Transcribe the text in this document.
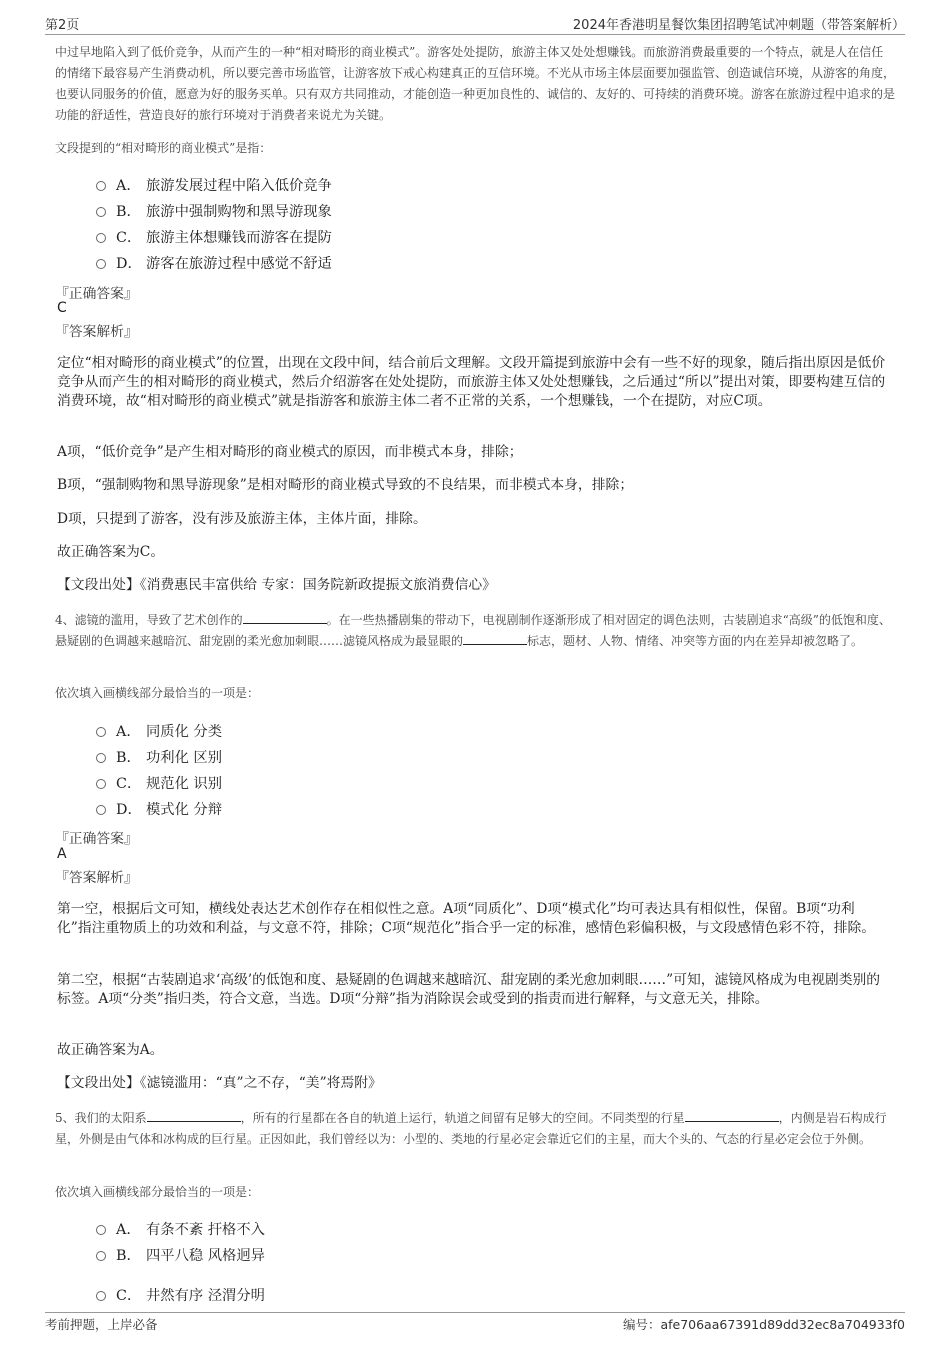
第2页	2024年香港明星餐饮集团招聘笔试冲刺题（带答案解析）
中过早地陷入到了低价竞争，从而产生的一种“相对畸形的商业模式”。游客处处提防，旅游主体又处处想赚钱。而旅游消费最重要的一个特点，就是人在信任的情绪下最容易产生消费动机，所以要完善市场监管，让游客放下戒心构建真正的互信环境。不光从市场主体层面要加强监管、创造诚信环境，从游客的角度，也要认同服务的价值，愿意为好的服务买单。只有双方共同推动，才能创造一种更加良性的、诚信的、友好的、可持续的消费环境。游客在旅游过程中追求的是功能的舒适性，营造良好的旅行环境对于消费者来说尤为关键。
文段提到的“相对畸形的商业模式”是指：
A． 旅游发展过程中陷入低价竞争
B． 旅游中强制购物和黑导游现象
C． 旅游主体想赚钱而游客在提防
D． 游客在旅游过程中感觉不舒适
『正确答案』
C
『答案解析』
定位“相对畸形的商业模式”的位置，出现在文段中间，结合前后文理解。文段开篇提到旅游中会有一些不好的现象，随后指出原因是低价竞争从而产生的相对畸形的商业模式，然后介绍游客在处处提防，而旅游主体又处处想赚钱，之后通过“所以”提出对策，即要构建互信的消费环境，故“相对畸形的商业模式”就是指游客和旅游主体二者不正常的关系，一个想赚钱，一个在提防，对应C项。
A项，“低价竞争”是产生相对畸形的商业模式的原因，而非模式本身，排除；
B项，“强制购物和黑导游现象”是相对畸形的商业模式导致的不良结果，而非模式本身，排除；
D项，只提到了游客，没有涉及旅游主体，主体片面，排除。
故正确答案为C。
【文段出处】《消费惠民丰富供给 专家：国务院新政提振文旅消费信心》
4、滤镜的滥用，导致了艺术创作的	。在一些热播剧集的带动下，电视剧制作逐渐形成了相对固定的调色法则，古装剧追求“高级”的低饱和度、悬疑剧的色调越来越暗沉、甜宠剧的柔光愈加刺眼……滤镜风格成为最显眼的	标志，题材、人物、情绪、冲突等方面的内在差异却被忽略了。
依次填入画横线部分最恰当的一项是：
A． 同质化 分类
B． 功利化 区别
C． 规范化 识别
D． 模式化 分辩
『正确答案』
A
『答案解析』
第一空，根据后文可知，横线处表达艺术创作存在相似性之意。A项“同质化”、D项“模式化”均可表达具有相似性，保留。B项“功利化”指注重物质上的功效和利益，与文意不符，排除；C项“规范化”指合乎一定的标准，感情色彩偏积极，与文段感情色彩不符，排除。
第二空，根据“古装剧追求‘高级’的低饱和度、悬疑剧的色调越来越暗沉、甜宠剧的柔光愈加刺眼……”可知，滤镜风格成为电视剧类别的标签。A项“分类”指归类，符合文意，当选。D项“分辩”指为消除误会或受到的指责而进行解释，与文意无关，排除。
故正确答案为A。
【文段出处】《滤镜滥用：“真”之不存，“美”将焉附》
5、我们的太阳系	，所有的行星都在各自的轨道上运行，轨道之间留有足够大的空间。不同类型的行星	，内侧是岩石构成行星，外侧是由气体和冰构成的巨行星。正因如此，我们曾经以为：小型的、类地的行星必定会靠近它们的主星，而大个头的、气态的行星必定会位于外侧。
依次填入画横线部分最恰当的一项是：
A． 有条不紊 扞格不入
B． 四平八稳 风格迥异
C． 井然有序 泾渭分明
考前押题，上岸必备	编号：afe706aa67391d89dd32ec8a704933f0
